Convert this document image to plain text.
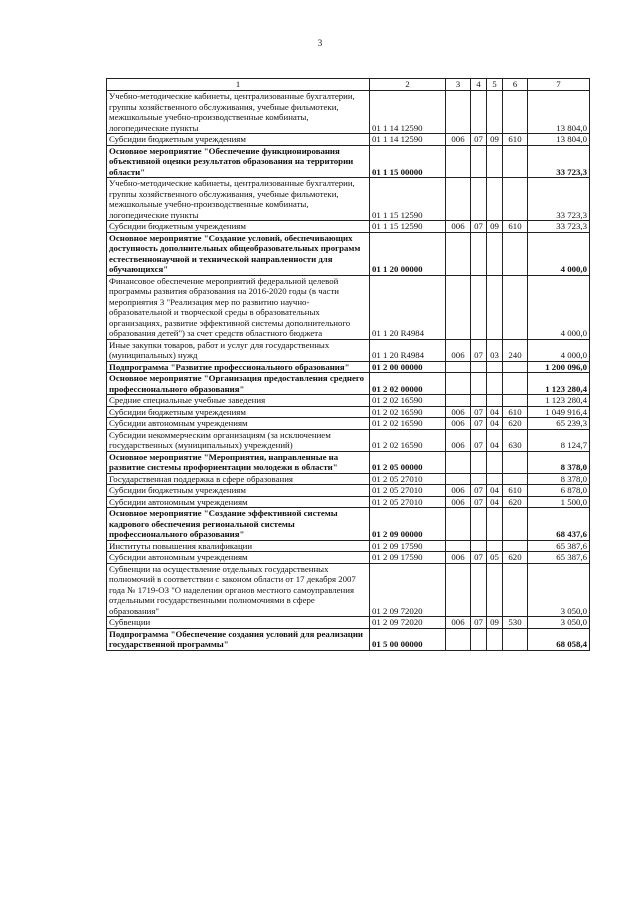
3
1	2	3	4	5	6	7
Учебно-методические кабинеты, централизованные бухгалтерии, группы хозяйственного обслуживания, учебные фильмотеки, межшкольные учебно-производственные комбинаты, логопедические пункты	01 1 14 12590					13 804,0
Субсидии бюджетным учреждениям	01 1 14 12590	006	07	09	610	13 804,0
Основное мероприятие "Обеспечение функционирования объективной оценки результатов образования на территории области"	01 1 15 00000					33 723,3
Учебно-методические кабинеты, централизованные бухгалтерии, группы хозяйственного обслуживания, учебные фильмотеки, межшкольные учебно-производственные комбинаты, логопедические пункты	01 1 15 12590					33 723,3
Субсидии бюджетным учреждениям	01 1 15 12590	006	07	09	610	33 723,3
Основное мероприятие "Создание условий, обеспечивающих доступность дополнительных общеобразовательных программ естественнонаучной и технической направленности для обучающихся"	01 1 20 00000					4 000,0
Финансовое обеспечение мероприятий федеральной целевой программы развития образования на 2016-2020 годы (в части мероприятия 3 "Реализация мер по развитию научно-образовательной и творческой среды в образовательных организациях, развитие эффективной системы дополнительного образования детей") за счет средств областного бюджета	01 1 20 R4984					4 000,0
Иные закупки товаров, работ и услуг для государственных (муниципальных) нужд	01 1 20 R4984	006	07	03	240	4 000,0
Подпрограмма "Развитие профессионального образования"	01 2 00 00000					1 200 096,0
Основное мероприятие "Организация предоставления среднего профессионального образования"	01 2 02 00000					1 123 280,4
Средние специальные учебные заведения	01 2 02 16590					1 123 280,4
Субсидии бюджетным учреждениям	01 2 02 16590	006	07	04	610	1 049 916,4
Субсидии автономным учреждениям	01 2 02 16590	006	07	04	620	65 239,3
Субсидии некоммерческим организациям (за исключением государственных (муниципальных) учреждений)	01 2 02 16590	006	07	04	630	8 124,7
Основное мероприятие "Мероприятия, направленные на развитие системы профориентации молодежи в области"	01 2 05 00000					8 378,0
Государственная поддержка в сфере образования	01 2 05 27010					8 378,0
Субсидии бюджетным учреждениям	01 2 05 27010	006	07	04	610	6 878,0
Субсидии автономным учреждениям	01 2 05 27010	006	07	04	620	1 500,0
Основное мероприятие "Создание эффективной системы кадрового обеспечения региональной системы профессионального образования"	01 2 09 00000					68 437,6
Институты повышения квалификации	01 2 09 17590					65 387,6
Субсидии автономным учреждениям	01 2 09 17590	006	07	05	620	65 387,6
Субвенции на осуществление отдельных государственных полномочий в соответствии с законом области от 17 декабря 2007 года № 1719-ОЗ "О наделении органов местного самоуправления отдельными государственными полномочиями в сфере образования"	01 2 09 72020					3 050,0
Субвенции	01 2 09 72020	006	07	09	530	3 050,0
Подпрограмма "Обеспечение создания условий для реализации государственной программы"	01 5 00 00000					68 058,4
